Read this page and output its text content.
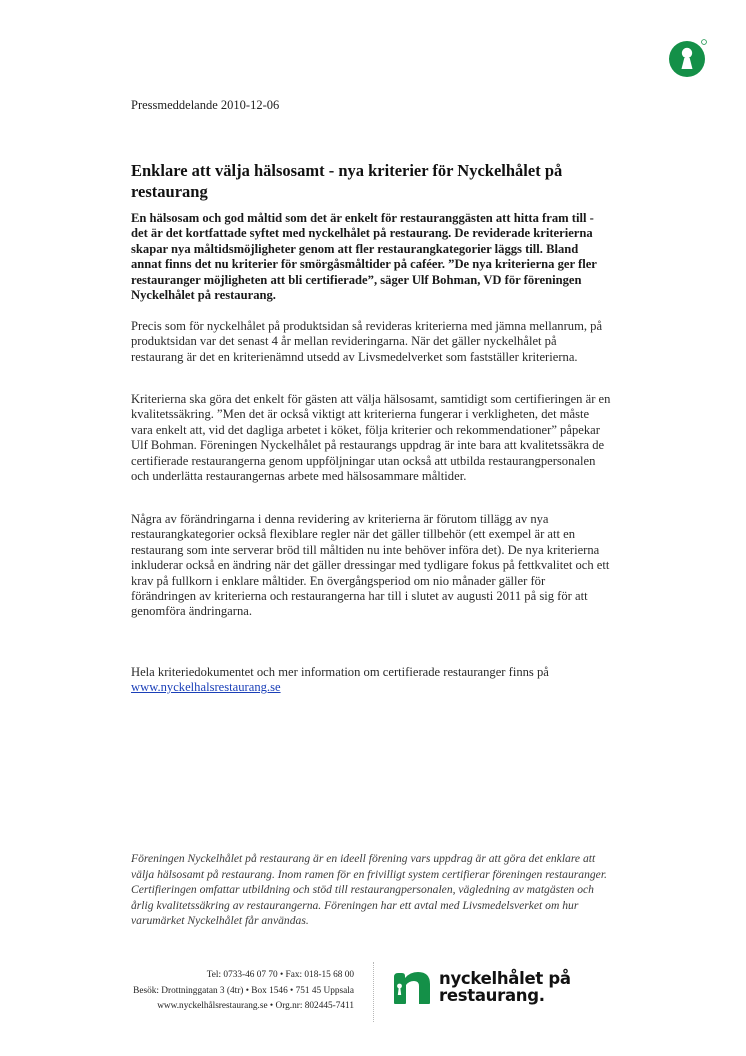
Pressmeddelande 2010-12-06
Enklare att välja hälsosamt - nya kriterier för Nyckelhålet på restaurang

En hälsosam och god måltid som det är enkelt för restauranggästen att hitta fram till - det är det kortfattade syftet med nyckelhålet på restaurang. De reviderade kriterierna skapar nya måltidsmöjligheter genom att fler restaurangkategorier läggs till. Bland annat finns det nu kriterier för smörgåsmåltider på caféer. ”De nya kriterierna ger fler restauranger möjligheten att bli certifierade”, säger Ulf Bohman, VD för föreningen Nyckelhålet på restaurang.

Precis som för nyckelhålet på produktsidan så revideras kriterierna med jämna mellanrum, på produktsidan var det senast 4 år mellan revideringarna. När det gäller nyckelhålet på restaurang är det en kriterienämnd utsedd av Livsmedelverket som fastställer kriterierna.

Kriterierna ska göra det enkelt för gästen att välja hälsosamt, samtidigt som certifieringen är en kvalitetssäkring. ”Men det är också viktigt att kriterierna fungerar i verkligheten, det måste vara enkelt att, vid det dagliga arbetet i köket, följa kriterier och rekommendationer” påpekar Ulf Bohman. Föreningen Nyckelhålet på restaurangs uppdrag är inte bara att kvalitetssäkra de certifierade restaurangerna genom uppföljningar utan också att utbilda restaurangpersonalen och underlätta restaurangernas arbete med hälsosammare måltider.

Några av förändringarna i denna revidering av kriterierna är förutom tillägg av nya restaurangkategorier också flexiblare regler när det gäller tillbehör (ett exempel är att en restaurang som inte serverar bröd till måltiden nu inte behöver införa det). De nya kriterierna inkluderar också en ändring när det gäller dressingar med tydligare fokus på fettkvalitet och ett krav på fullkorn i enklare måltider. En övergångsperiod om nio månader gäller för förändringen av kriterierna och restaurangerna har till i slutet av augusti 2011 på sig för att genomföra ändringarna.

Hela kriteriedokumentet och mer information om certifierade restauranger finns på
www.nyckelhalsrestaurang.se

Föreningen Nyckelhålet på restaurang är en ideell förening vars uppdrag är att göra det enklare att välja hälsosamt på restaurang. Inom ramen för en frivilligt system certifierar föreningen restauranger. Certifieringen omfattar utbildning och stöd till restaurangpersonalen, vägledning av matgästen och årlig kvalitetssäkring av restaurangerna. Föreningen har ett avtal med Livsmedelsverket om hur varumärket Nyckelhålet får användas.

Tel: 0733-46 07 70 • Fax: 018-15 68 00
Besök: Drottninggatan 3 (4tr) • Box 1546 • 751 45 Uppsala
www.nyckelhålsrestaurang.se • Org.nr: 802445-7411
nyckelhålet på
restaurang.
